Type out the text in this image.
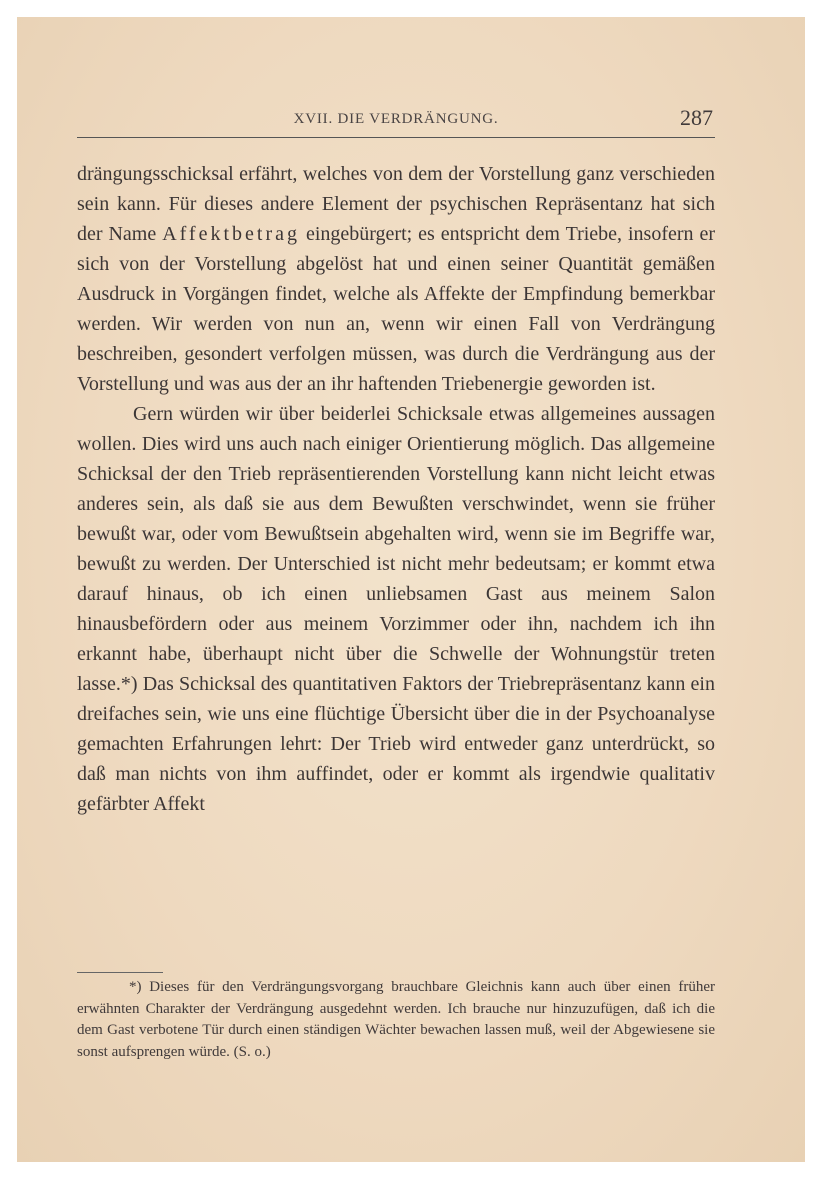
XVII. DIE VERDRÄNGUNG.	287

drängungsschicksal erfährt, welches von dem der Vorstellung ganz verschieden sein kann. Für dieses andere Element der psychischen Repräsentanz hat sich der Name Affektbetrag eingebürgert; es entspricht dem Triebe, insofern er sich von der Vorstellung abgelöst hat und einen seiner Quantität gemäßen Ausdruck in Vorgängen findet, welche als Affekte der Empfindung bemerkbar werden. Wir werden von nun an, wenn wir einen Fall von Verdrängung beschreiben, gesondert verfolgen müssen, was durch die Verdrängung aus der Vorstellung und was aus der an ihr haftenden Triebenergie geworden ist.

Gern würden wir über beiderlei Schicksale etwas allgemeines aussagen wollen. Dies wird uns auch nach einiger Orientierung möglich. Das allgemeine Schicksal der den Trieb repräsentierenden Vorstellung kann nicht leicht etwas anderes sein, als daß sie aus dem Bewußten verschwindet, wenn sie früher bewußt war, oder vom Bewußtsein abgehalten wird, wenn sie im Begriffe war, bewußt zu werden. Der Unterschied ist nicht mehr bedeutsam; er kommt etwa darauf hinaus, ob ich einen unliebsamen Gast aus meinem Salon hinausbefördern oder aus meinem Vorzimmer oder ihn, nachdem ich ihn erkannt habe, überhaupt nicht über die Schwelle der Wohnungstür treten lasse.*) Das Schicksal des quantitativen Faktors der Triebrepräsentanz kann ein dreifaches sein, wie uns eine flüchtige Übersicht über die in der Psychoanalyse gemachten Erfahrungen lehrt: Der Trieb wird entweder ganz unterdrückt, so daß man nichts von ihm auffindet, oder er kommt als irgendwie qualitativ gefärbter Affekt

*) Dieses für den Verdrängungsvorgang brauchbare Gleichnis kann auch über einen früher erwähnten Charakter der Verdrängung ausgedehnt werden. Ich brauche nur hinzuzufügen, daß ich die dem Gast verbotene Tür durch einen ständigen Wächter bewachen lassen muß, weil der Abgewiesene sie sonst aufsprengen würde. (S. o.)
